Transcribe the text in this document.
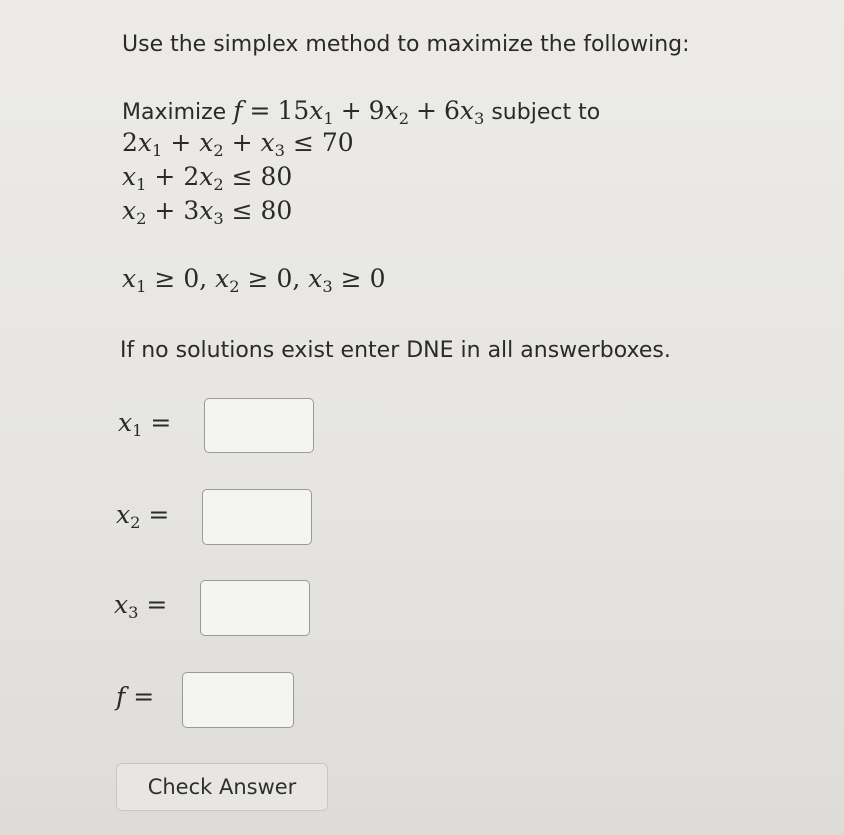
Use the simplex method to maximize the following:
Maximize $f = 15x_1 + 9x_2 + 6x_3$ subject to
$2x_1 + x_2 + x_3 \le 70$
$x_1 + 2x_2 \le 80$
$x_2 + 3x_3 \le 80$
$x_1 \ge 0$, $x_2 \ge 0$, $x_3 \ge 0$
If no solutions exist enter DNE in all answerboxes.
$x_1$ =
$x_2$ =
$x_3$ =
f =
Check Answer
